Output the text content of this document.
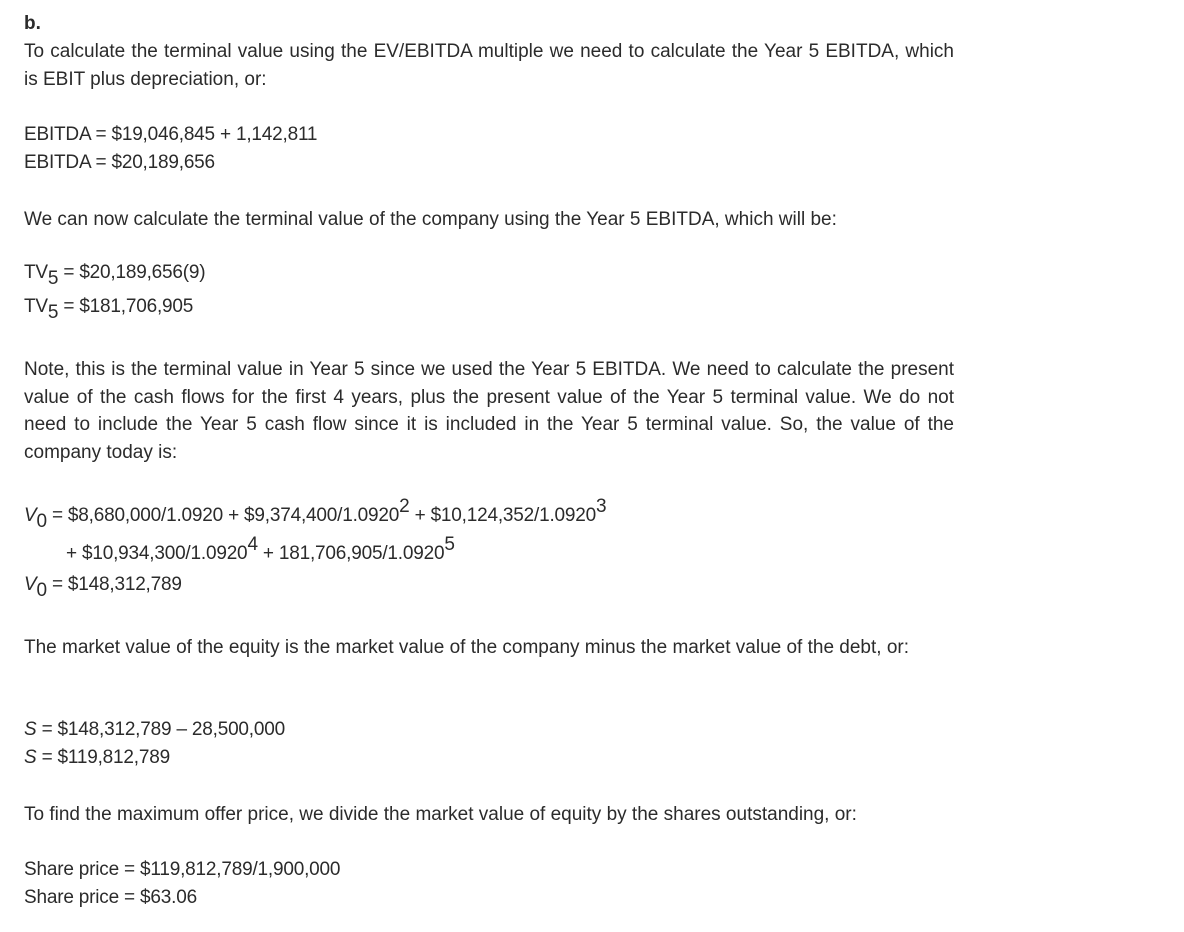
b.
To calculate the terminal value using the EV/EBITDA multiple we need to calculate the Year 5 EBITDA, which is EBIT plus depreciation, or:
EBITDA = $19,046,845 + 1,142,811
EBITDA = $20,189,656
We can now calculate the terminal value of the company using the Year 5 EBITDA, which will be:
TV5 = $20,189,656(9)
TV5 = $181,706,905
Note, this is the terminal value in Year 5 since we used the Year 5 EBITDA. We need to calculate the present value of the cash flows for the first 4 years, plus the present value of the Year 5 terminal value. We do not need to include the Year 5 cash flow since it is included in the Year 5 terminal value. So, the value of the company today is:
V0 = $8,680,000/1.0920 + $9,374,400/1.09202 + $10,124,352/1.09203
+ $10,934,300/1.09204 + 181,706,905/1.09205
V0 = $148,312,789
The market value of the equity is the market value of the company minus the market value of the debt, or:
S = $148,312,789 – 28,500,000
S = $119,812,789
To find the maximum offer price, we divide the market value of equity by the shares outstanding, or:
Share price = $119,812,789/1,900,000
Share price = $63.06
